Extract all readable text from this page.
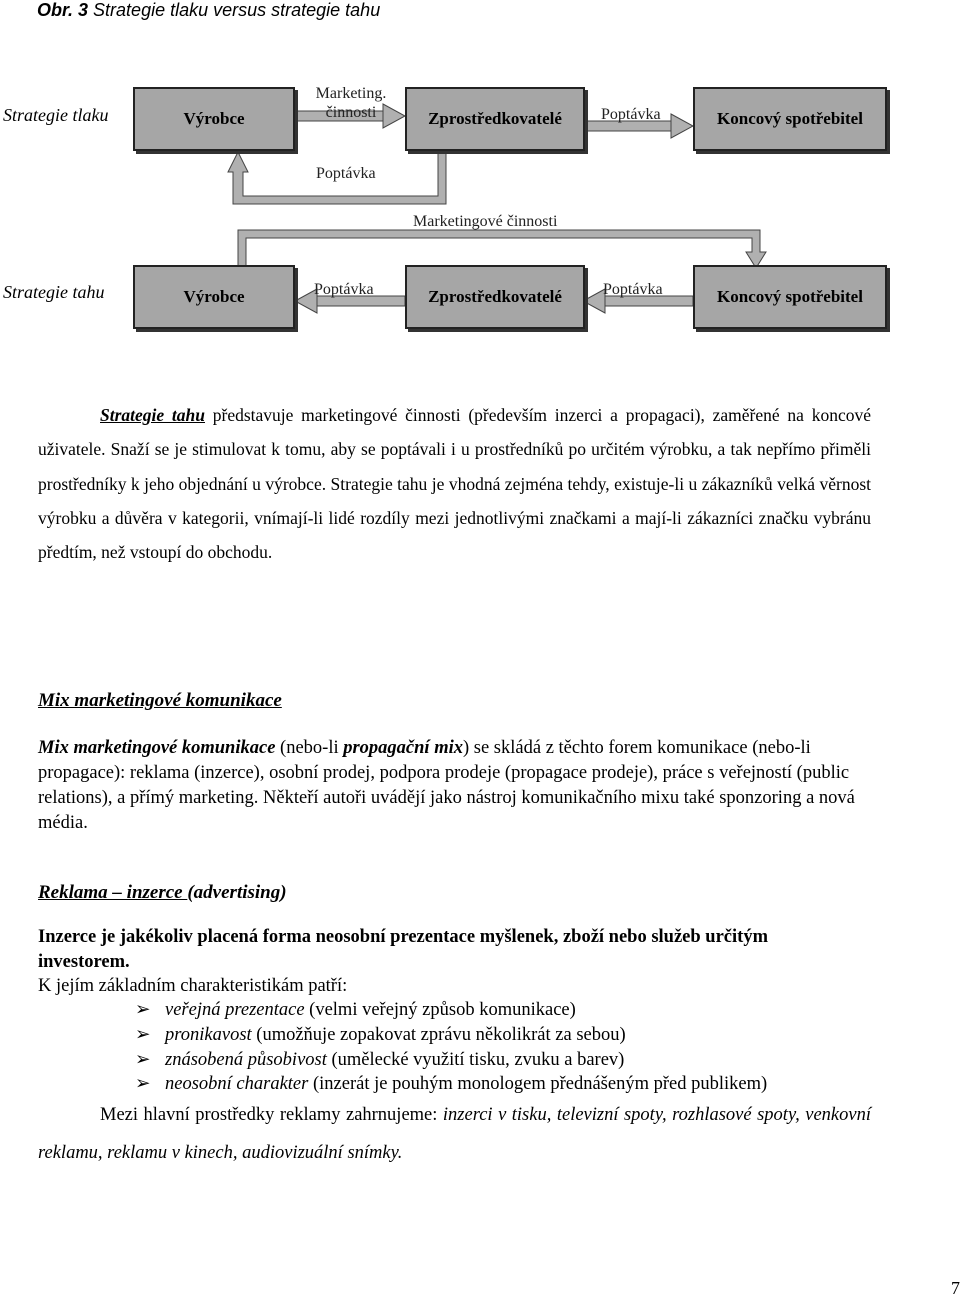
Obr. 3 Strategie tlaku versus strategie tahu
Strategie tlaku	Výrobce	Zprostředkovatelé	Koncový spotřebitel
Marketing. činnosti	Poptávka
Poptávka
Marketingové činnosti
Strategie tahu	Výrobce	Zprostředkovatelé	Koncový spotřebitel
Poptávka	Poptávka
Strategie tahu představuje marketingové činnosti (především inzerci a propagaci), zaměřené na koncové uživatele. Snaží se je stimulovat k tomu, aby se poptávali i u prostředníků po určitém výrobku, a tak nepřímo přiměli prostředníky k jeho objednání u výrobce. Strategie tahu je vhodná zejména tehdy, existuje-li u zákazníků velká věrnost výrobku a důvěra v kategorii, vnímají-li lidé rozdíly mezi jednotlivými značkami a mají-li zákazníci značku vybránu předtím, než vstoupí do obchodu.
Mix marketingové komunikace
Mix marketingové komunikace (nebo-li propagační mix) se skládá z těchto forem komunikace (nebo-li propagace): reklama (inzerce), osobní prodej, podpora prodeje (propagace prodeje), práce s veřejností (public relations), a přímý marketing. Někteří autoři uvádějí jako nástroj komunikačního mixu také sponzoring a nová média.
Reklama – inzerce (advertising)
Inzerce je jakékoliv placená forma neosobní prezentace myšlenek, zboží nebo služeb určitým investorem.
K jejím základním charakteristikám patří:
➢ veřejná prezentace (velmi veřejný způsob komunikace)
➢ pronikavost (umožňuje zopakovat zprávu několikrát za sebou)
➢ znásobená působivost (umělecké využití tisku, zvuku a barev)
➢ neosobní charakter (inzerát je pouhým monologem přednášeným před publikem)
Mezi hlavní prostředky reklamy zahrnujeme: inzerci v tisku, televizní spoty, rozhlasové spoty, venkovní reklamu, reklamu v kinech, audiovizuální snímky.
7
